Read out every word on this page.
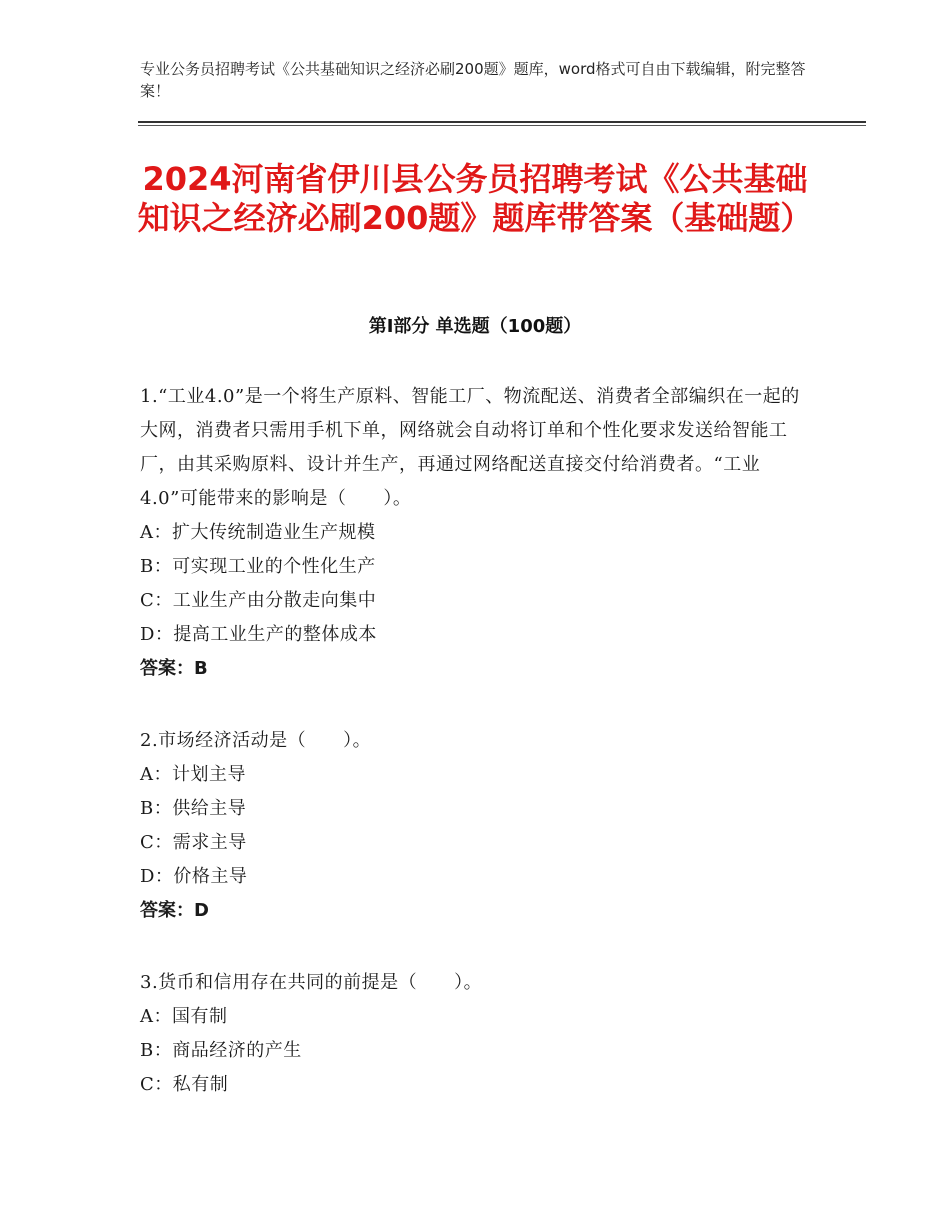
专业公务员招聘考试《公共基础知识之经济必刷200题》题库，word格式可自由下载编辑，附完整答案！
2024河南省伊川县公务员招聘考试《公共基础知识之经济必刷200题》题库带答案（基础题）
第Ⅰ部分 单选题（100题）
1.“工业4.0”是一个将生产原料、智能工厂、物流配送、消费者全部编织在一起的大网，消费者只需用手机下单，网络就会自动将订单和个性化要求发送给智能工厂，由其采购原料、设计并生产，再通过网络配送直接交付给消费者。“工业4.0”可能带来的影响是（　　）。
A：扩大传统制造业生产规模
B：可实现工业的个性化生产
C：工业生产由分散走向集中
D：提高工业生产的整体成本
答案：B
2.市场经济活动是（　　）。
A：计划主导
B：供给主导
C：需求主导
D：价格主导
答案：D
3.货币和信用存在共同的前提是（　　）。
A：国有制
B：商品经济的产生
C：私有制
